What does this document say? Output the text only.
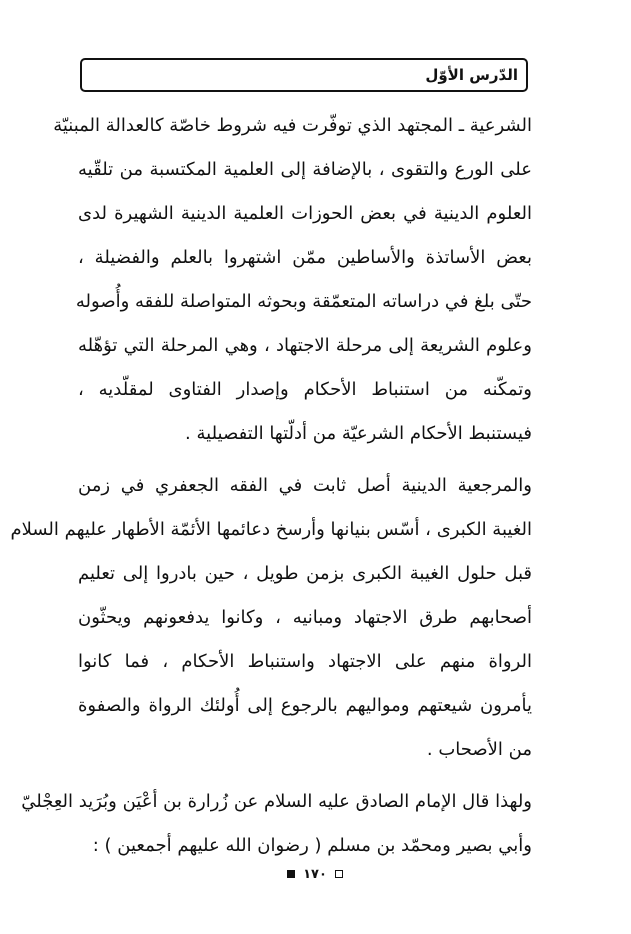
الدّرس الأوّل
الشرعية ـ المجتهد الذي توفّرت فيه شروط خاصّة كالعدالة المبنيّة
على الورع والتقوى ، بالإضافة إلى العلمية المكتسبة من تلقّيه
العلوم الدينية في بعض الحوزات العلمية الدينية الشهيرة لدى
بعض الأساتذة والأساطين ممّن اشتهروا بالعلم والفضيلة ،
حتّى بلغ في دراساته المتعمّقة وبحوثه المتواصلة للفقه وأُصوله
وعلوم الشريعة إلى مرحلة الاجتهاد ، وهي المرحلة التي تؤهّله
وتمكّنه من استنباط الأحكام وإصدار الفتاوى لمقلّديه ،
فيستنبط الأحكام الشرعيّة من أدلّتها التفصيلية .
والمرجعية الدينية أصل ثابت في الفقه الجعفري في زمن
الغيبة الكبرى ، أسّس بنيانها وأرسخ دعائمها الأئمّة الأطهار عليهم السلام
قبل حلول الغيبة الكبرى بزمن طويل ، حين بادروا إلى تعليم
أصحابهم طرق الاجتهاد ومبانيه ، وكانوا يدفعونهم ويحثّون
الرواة منهم على الاجتهاد واستنباط الأحكام ، فما كانوا
يأمرون شيعتهم ومواليهم بالرجوع إلى أُولئك الرواة والصفوة
من الأصحاب .
ولهذا قال الإمام الصادق عليه السلام عن زُرارة بن أعْيَن وبُرَيد العِجْليّ
وأبي بصير ومحمّد بن مسلم ( رضوان الله عليهم أجمعين ) :
١٧٠
